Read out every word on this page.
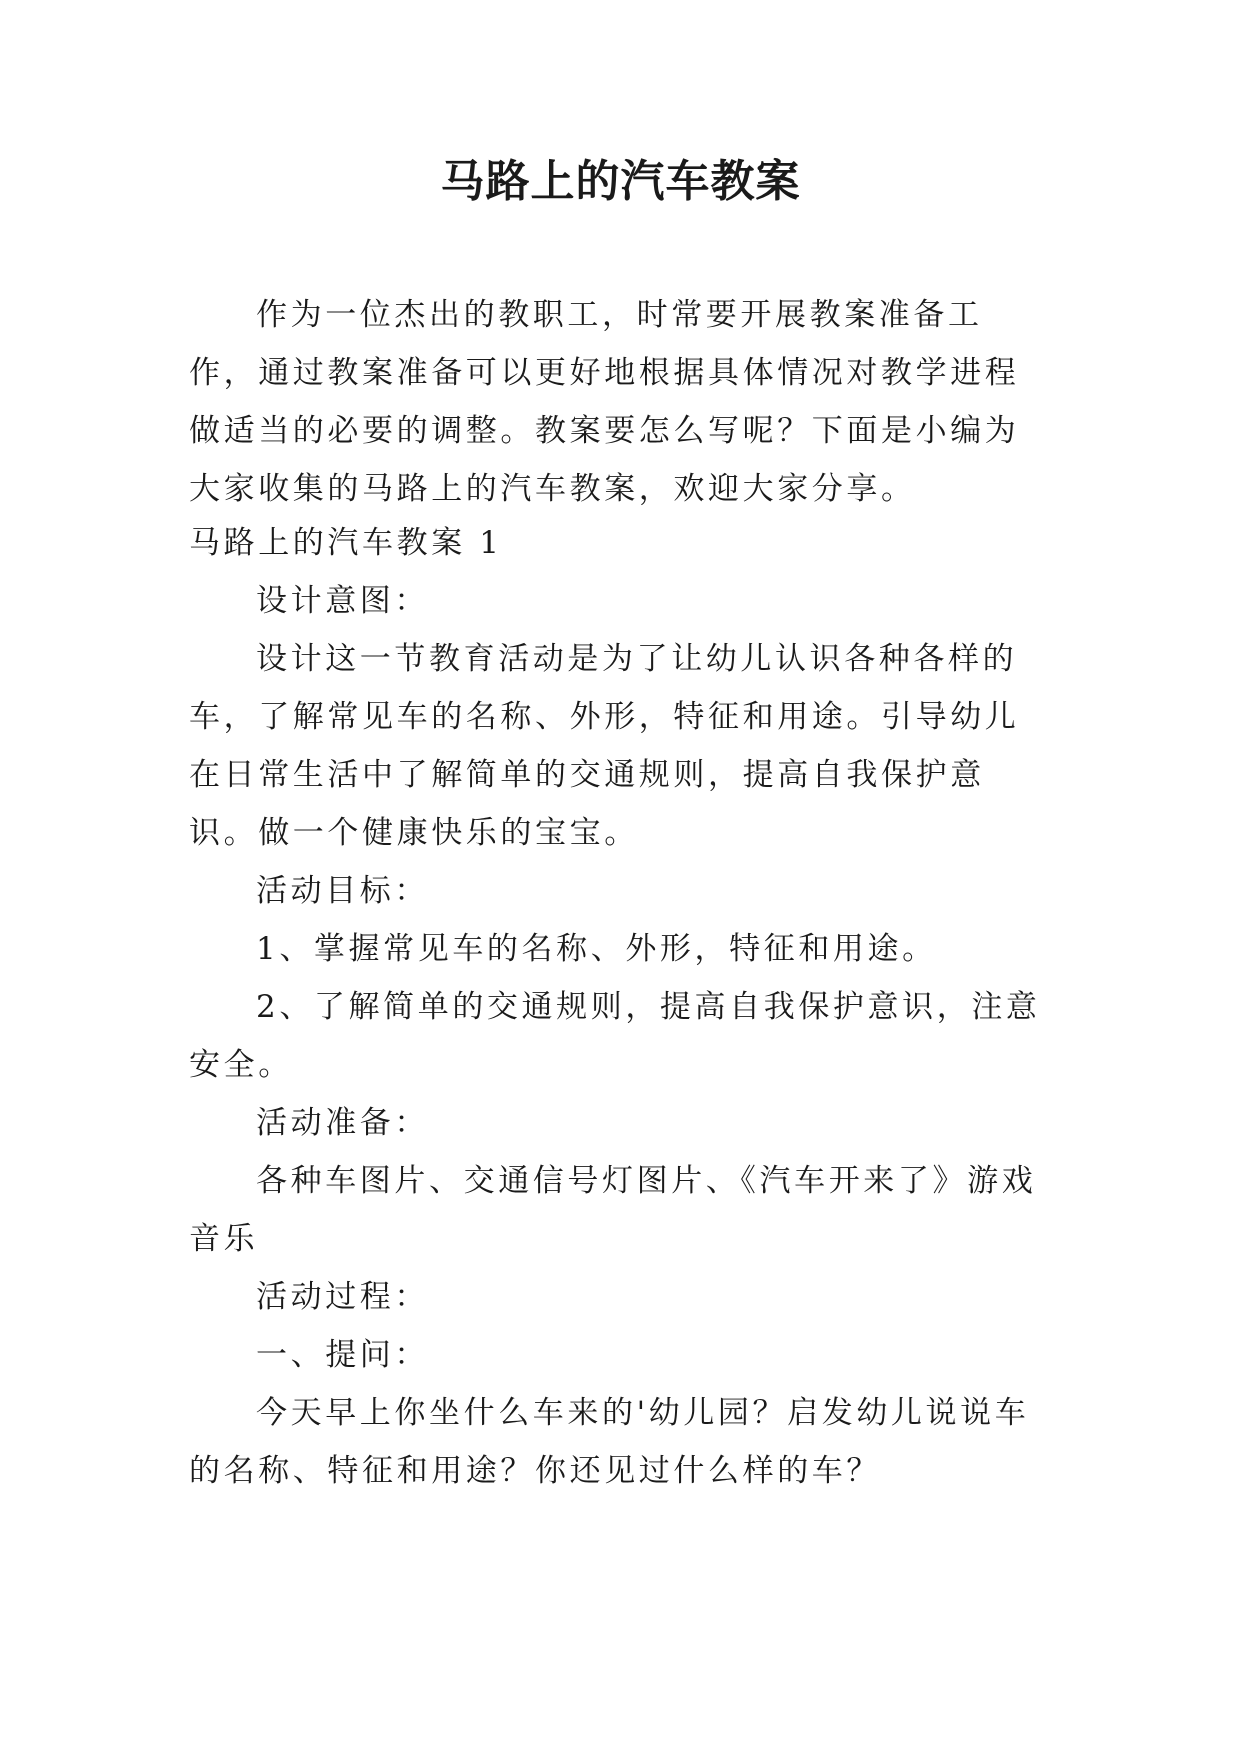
马路上的汽车教案

作为一位杰出的教职工，时常要开展教案准备工作，通过教案准备可以更好地根据具体情况对教学进程做适当的必要的调整。教案要怎么写呢？下面是小编为大家收集的马路上的汽车教案，欢迎大家分享。

马路上的汽车教案 1

设计意图：

设计这一节教育活动是为了让幼儿认识各种各样的车，了解常见车的名称、外形，特征和用途。引导幼儿在日常生活中了解简单的交通规则，提高自我保护意识。做一个健康快乐的宝宝。

活动目标：

1、掌握常见车的名称、外形，特征和用途。

2、了解简单的交通规则，提高自我保护意识，注意安全。

活动准备：

各种车图片、交通信号灯图片、《汽车开来了》游戏音乐

活动过程：

一、提问：

今天早上你坐什么车来的'幼儿园？启发幼儿说说车的名称、特征和用途？你还见过什么样的车？
